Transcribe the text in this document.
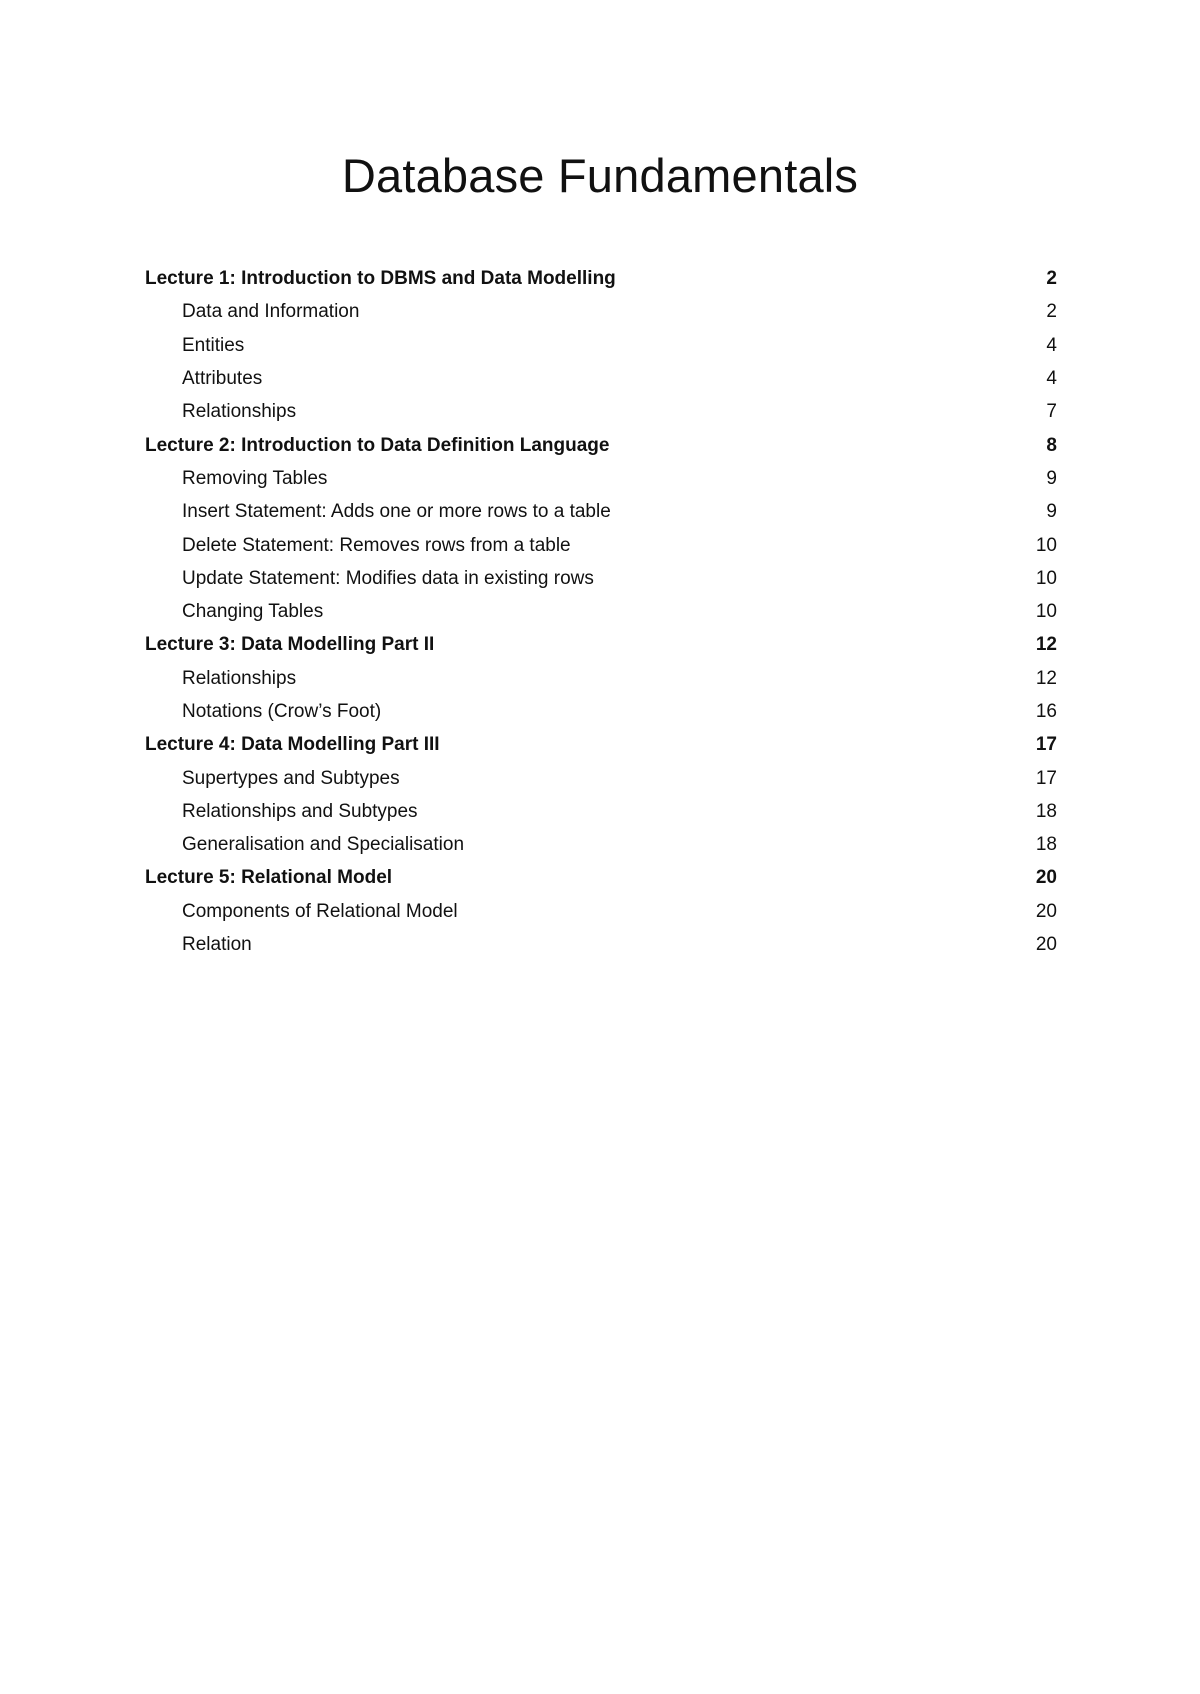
Database Fundamentals
Lecture 1: Introduction to DBMS and Data Modelling	2
Data and Information	2
Entities	4
Attributes	4
Relationships	7
Lecture 2: Introduction to Data Definition Language	8
Removing Tables	9
Insert Statement: Adds one or more rows to a table	9
Delete Statement: Removes rows from a table	10
Update Statement: Modifies data in existing rows	10
Changing Tables	10
Lecture 3: Data Modelling Part II	12
Relationships	12
Notations (Crow’s Foot)	16
Lecture 4: Data Modelling Part III	17
Supertypes and Subtypes	17
Relationships and Subtypes	18
Generalisation and Specialisation	18
Lecture 5: Relational Model	20
Components of Relational Model	20
Relation	20
